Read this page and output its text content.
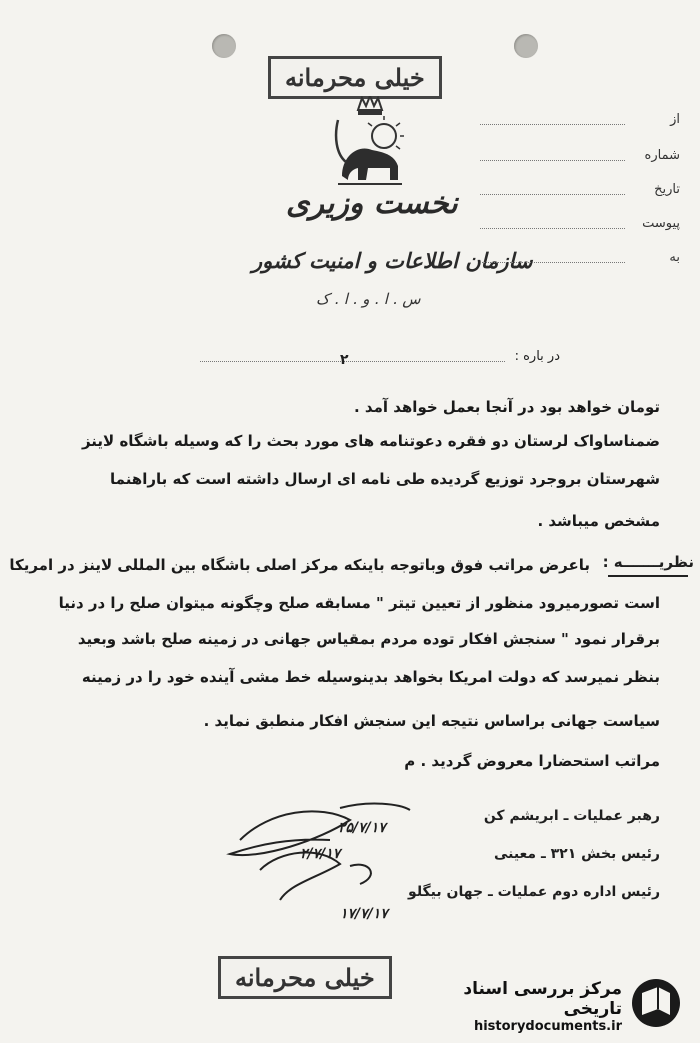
خیلی محرمانه
نخست وزیری
سازمان اطلاعات و امنیت کشور
س . ا . و . ا . ک
از
شماره
تاریخ
پیوست
به
در باره :
۲
تومان خواهد بود در آنجا بعمل خواهد آمد .
ضمناساواک لرستان دو فقره دعوتنامه های مورد بحث را که وسیله باشگاه لاینز
شهرستان بروجرد توزیع گردیده طی نامه ای ارسال داشته است که باراهنما
مشخص میباشد .
نظریـــــــه :
باعرض مراتب فوق وباتوجه باینکه مرکز اصلی باشگاه بین المللی لاینز در امریکا
است تصورمیرود منظور از تعیین تیتر " مسابقه صلح وچگونه میتوان صلح را در دنیا
برقرار نمود " سنجش افکار توده مردم بمقیاس جهانی در زمینه صلح باشد وبعید
بنظر نمیرسد که دولت امریکا بخواهد بدینوسیله خط مشی آینده خود را در زمینه
سیاست جهانی براساس نتیجه این سنجش افکار منطبق نماید .
مراتب استحضارا معروض گردید . م
رهبر عملیات ـ ابریشم کن
رئیس بخش ۳۲۱ ـ معینی
رئیس اداره دوم عملیات ـ جهان بیگلو
۲۵/۷/۱۷
۲/۷/۱۷
۱۷/۷/۱۷
خیلی محرمانه	مرکز بررسی اسناد تاریخی
historydocuments.ir
